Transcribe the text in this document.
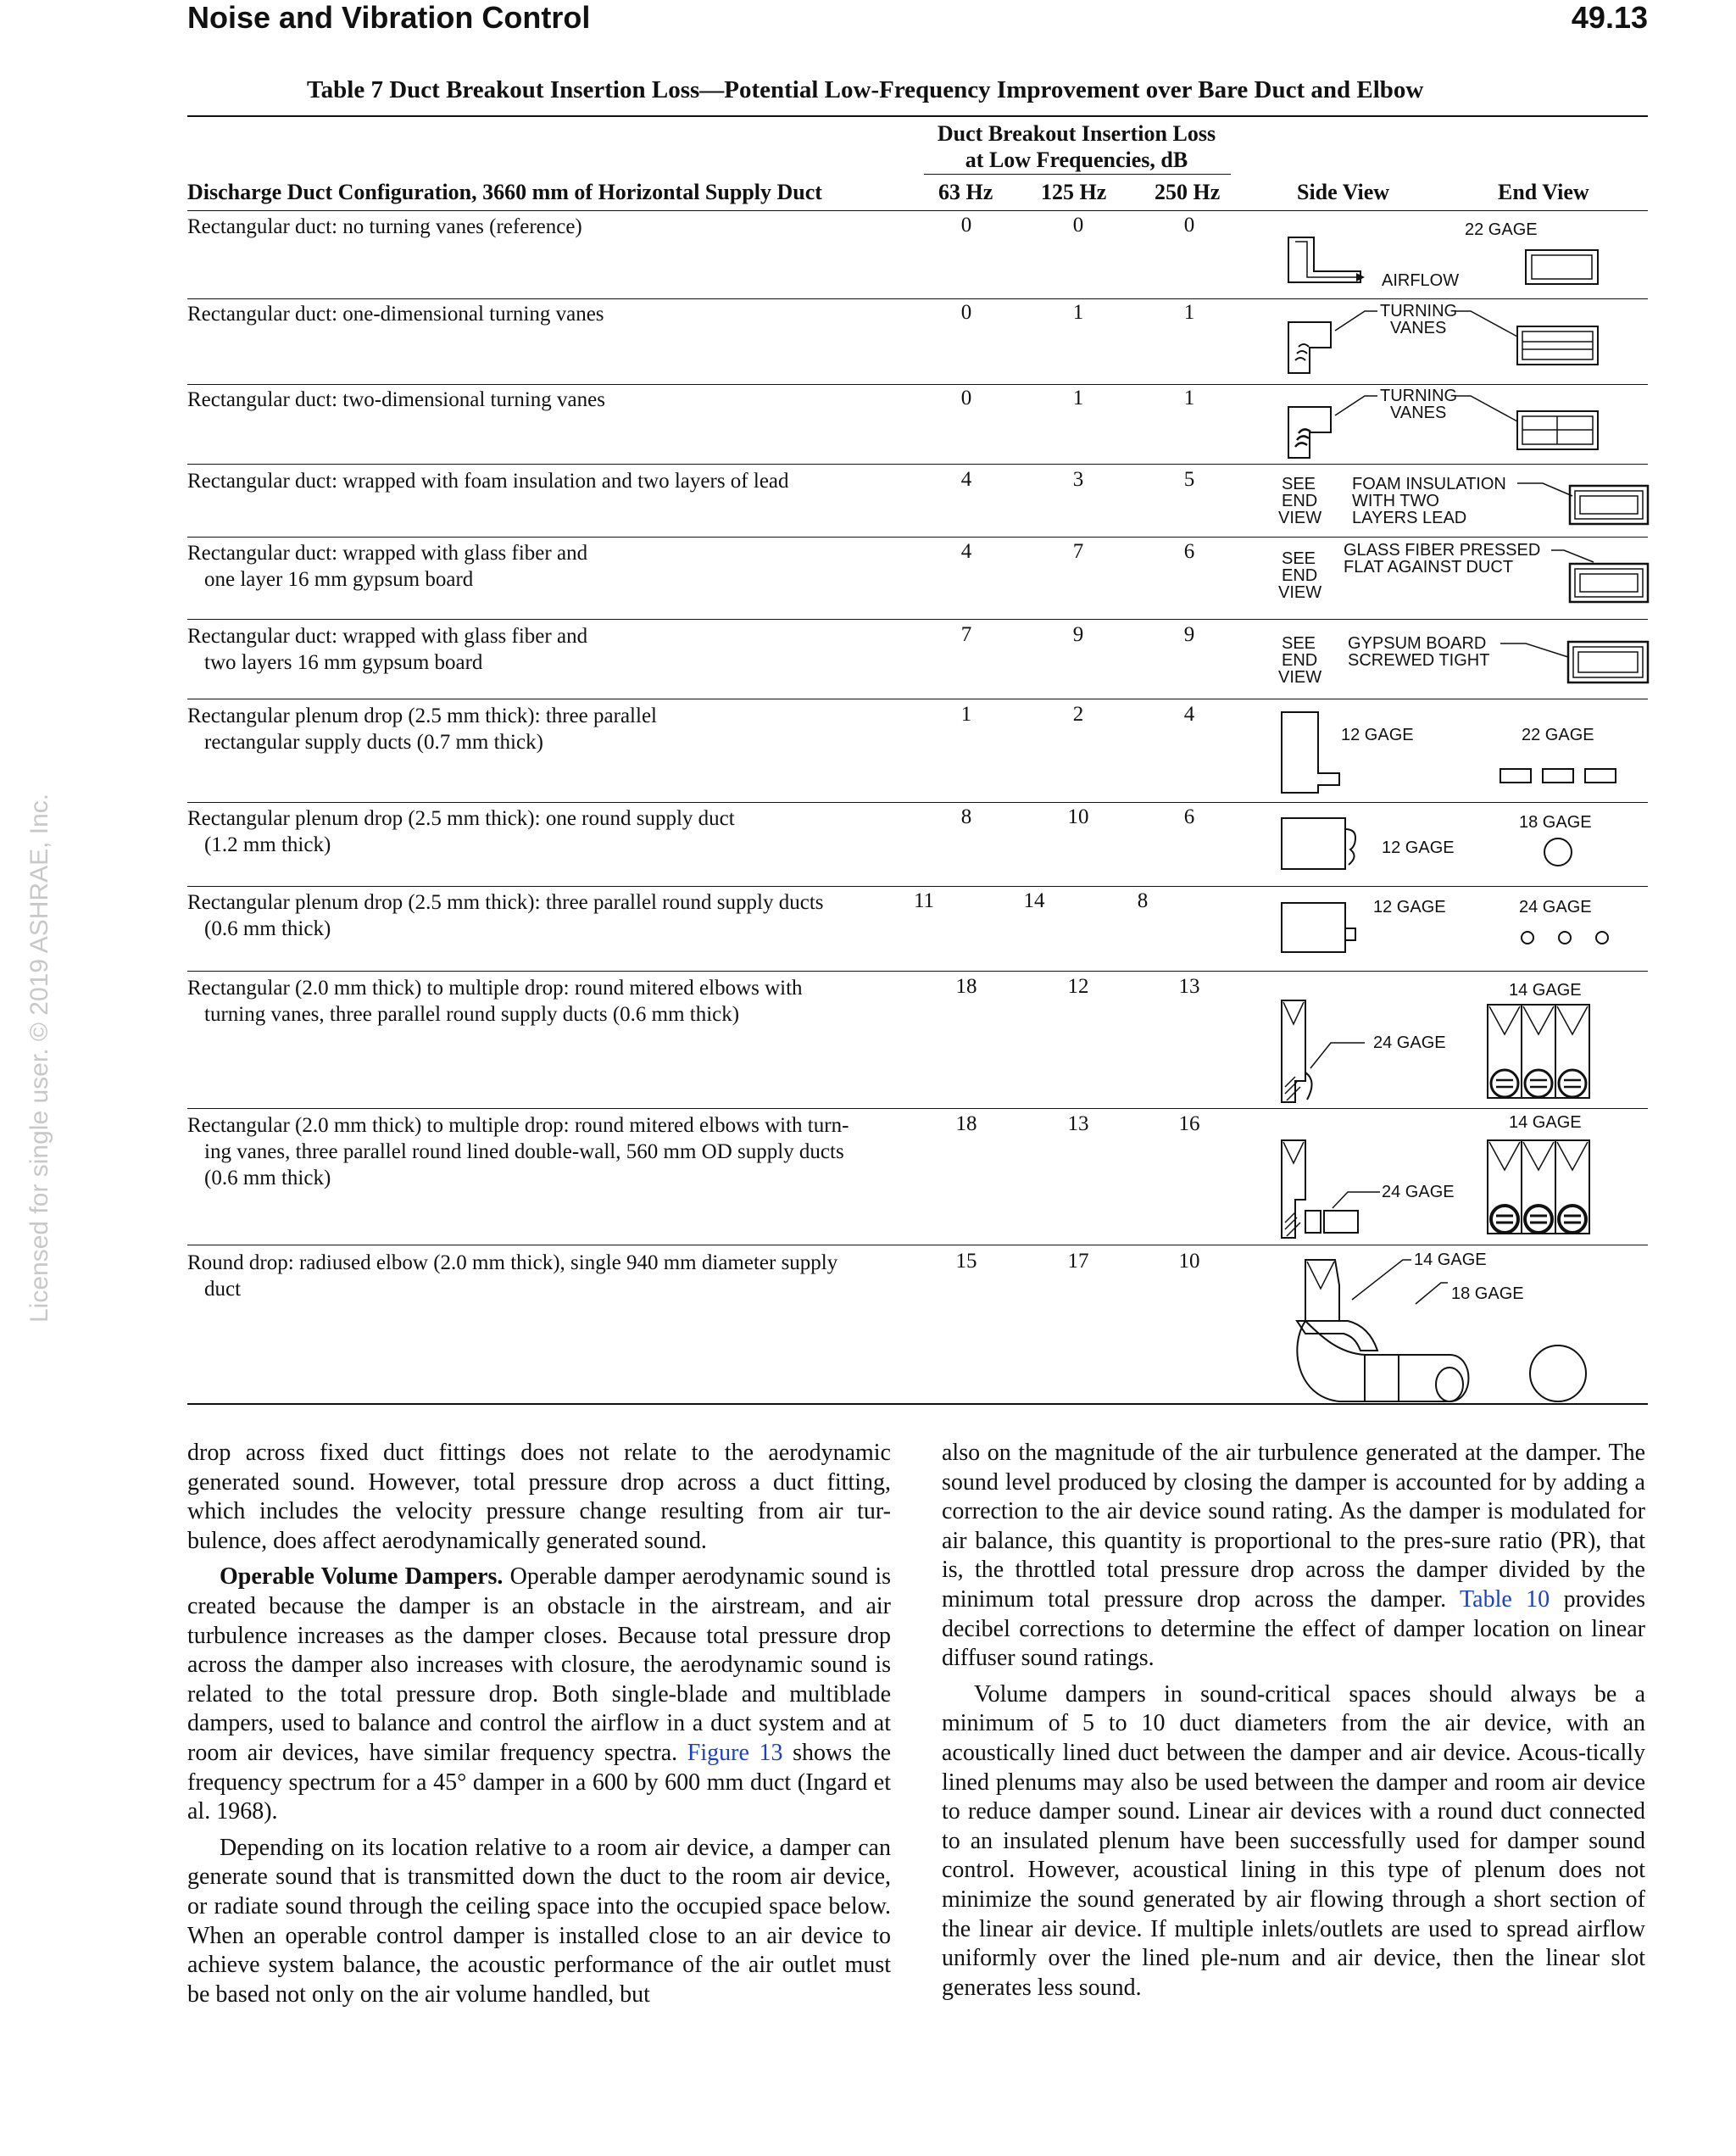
Noise and Vibration Control	49.13
Licensed for single user. © 2019 ASHRAE, Inc.
Table 7 Duct Breakout Insertion Loss—Potential Low-Frequency Improvement over Bare Duct and Elbow
Duct Breakout Insertion Loss
at Low Frequencies, dB
Discharge Duct Configuration, 3660 mm of Horizontal Supply Duct	63 Hz 125 Hz 250 Hz	Side View	End View
Rectangular duct: no turning vanes (reference)	0	0	0
Rectangular duct: one-dimensional turning vanes	0	1	1
Rectangular duct: two-dimensional turning vanes	0	1	1
Rectangular duct: wrapped with foam insulation and two layers of lead	4	3	5
Rectangular duct: wrapped with glass fiber and
one layer 16 mm gypsum board
4	7	6
Rectangular duct: wrapped with glass fiber and
two layers 16 mm gypsum board
7	9	9
Rectangular plenum drop (2.5 mm thick): three parallel
rectangular supply ducts (0.7 mm thick)
1	2	4
Rectangular plenum drop (2.5 mm thick): one round supply duct
(1.2 mm thick)
8	10	6
Rectangular plenum drop (2.5 mm thick): three parallel round supply ducts
(0.6 mm thick)
11	14	8
Rectangular (2.0 mm thick) to multiple drop: round mitered elbows with
turning vanes, three parallel round supply ducts (0.6 mm thick)
18	12	13
Rectangular (2.0 mm thick) to multiple drop: round mitered elbows with turn-
ing vanes, three parallel round lined double-wall, 560 mm OD supply ducts
(0.6 mm thick)
18	13	16
Round drop: radiused elbow (2.0 mm thick), single 940 mm diameter supply
duct
15	17	10
AIRFLOW
22 GAGE
TURNING
VANES
TURNING
VANES
SEE
END
VIEW
FOAM INSULATION
WITH TWO
LAYERS LEAD
SEE
END
VIEW
GLASS FIBER PRESSED
FLAT AGAINST DUCT
SEE
END
VIEW
GYPSUM BOARD
SCREWED TIGHT
12 GAGE	22 GAGE
12 GAGE
18 GAGE
12 GAGE	24 GAGE
24 GAGE
14 GAGE
24 GAGE
14 GAGE
14 GAGE
18 GAGE

drop across fixed duct fittings does not relate to the aerodynamic generated sound. However, total pressure drop across a duct fitting, which includes the velocity pressure change resulting from air tur-bulence, does affect aerodynamically generated sound.

Operable Volume Dampers. Operable damper aerodynamic sound is created because the damper is an obstacle in the airstream, and air turbulence increases as the damper closes. Because total pressure drop across the damper also increases with closure, the aerodynamic sound is related to the total pressure drop. Both single-blade and multiblade dampers, used to balance and control the airflow in a duct system and at room air devices, have similar frequency spectra. Figure 13 shows the frequency spectrum for a 45° damper in a 600 by 600 mm duct (Ingard et al. 1968).

Depending on its location relative to a room air device, a damper can generate sound that is transmitted down the duct to the room air device, or radiate sound through the ceiling space into the occupied space below. When an operable control damper is installed close to an air device to achieve system balance, the acoustic performance of the air outlet must be based not only on the air volume handled, but

also on the magnitude of the air turbulence generated at the damper. The sound level produced by closing the damper is accounted for by adding a correction to the air device sound rating. As the damper is modulated for air balance, this quantity is proportional to the pres-sure ratio (PR), that is, the throttled total pressure drop across the damper divided by the minimum total pressure drop across the damper. Table 10 provides decibel corrections to determine the effect of damper location on linear diffuser sound ratings.

Volume dampers in sound-critical spaces should always be a minimum of 5 to 10 duct diameters from the air device, with an acoustically lined duct between the damper and air device. Acous-tically lined plenums may also be used between the damper and room air device to reduce damper sound. Linear air devices with a round duct connected to an insulated plenum have been successfully used for damper sound control. However, acoustical lining in this type of plenum does not minimize the sound generated by air flowing through a short section of the linear air device. If multiple inlets/outlets are used to spread airflow uniformly over the lined ple-num and air device, then the linear slot generates less sound.
